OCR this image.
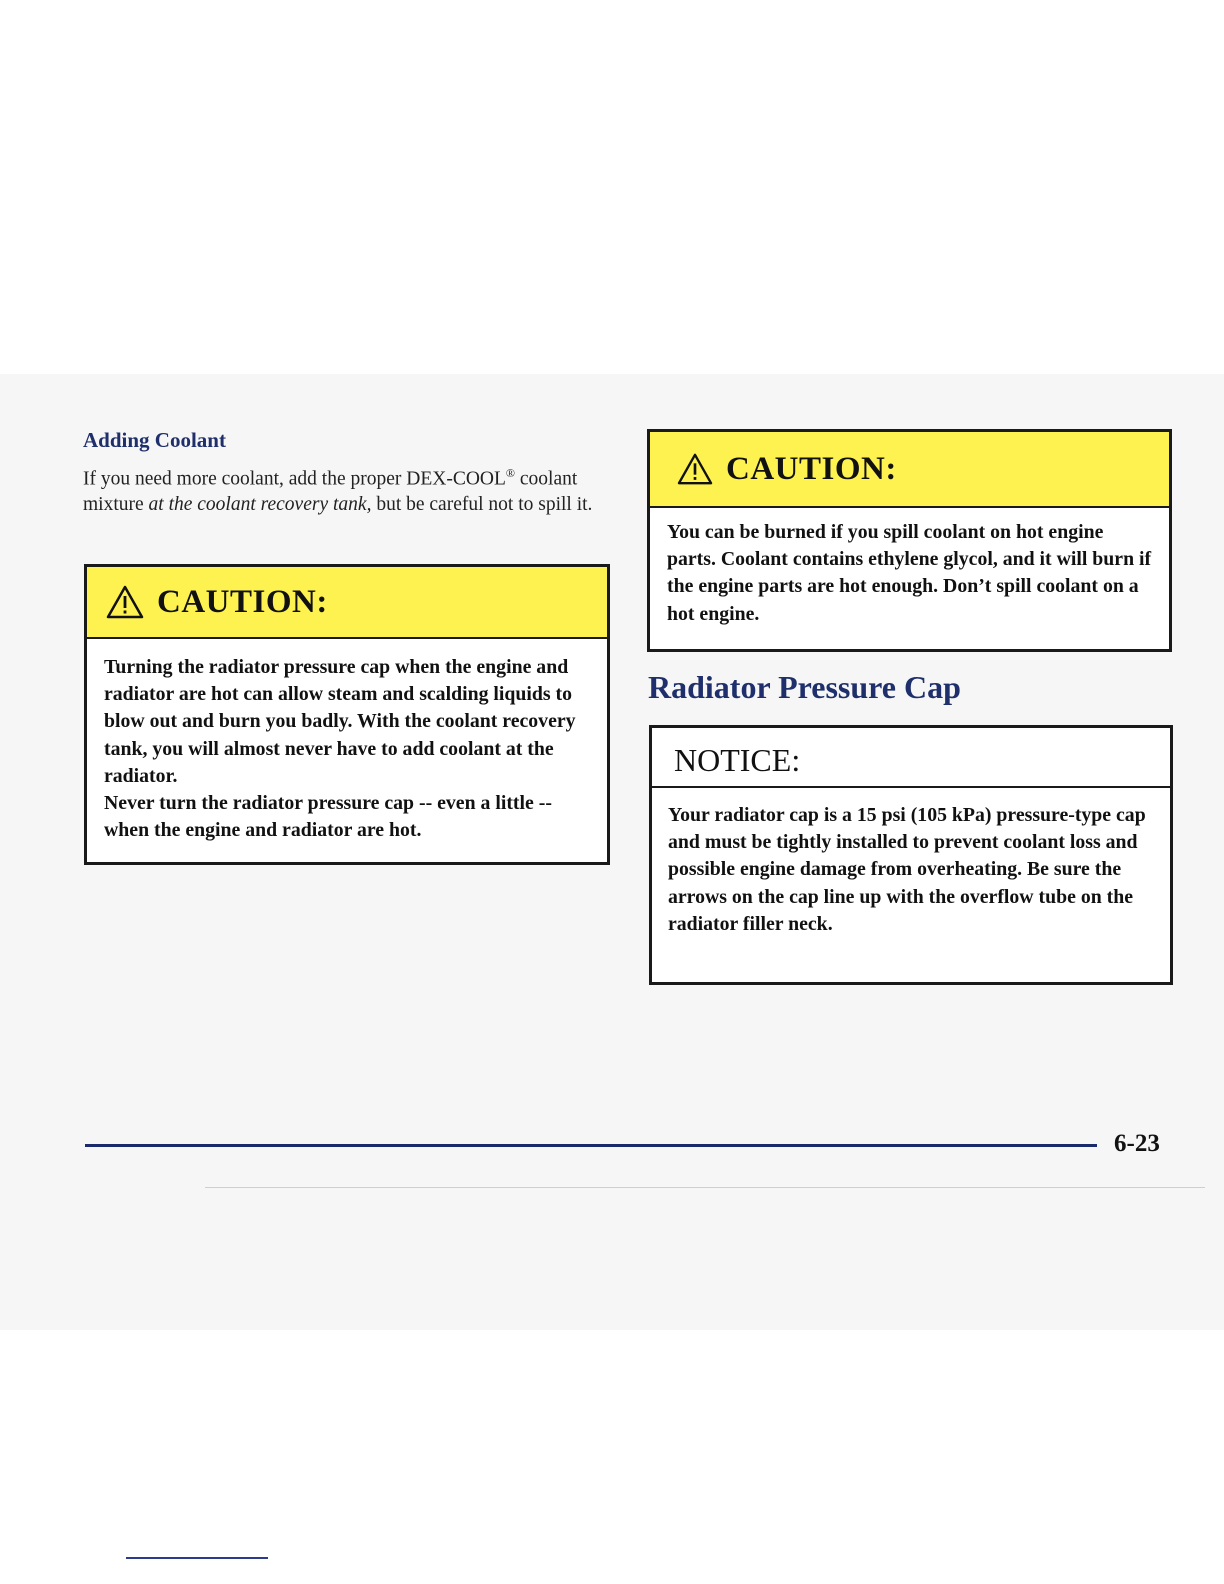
Adding Coolant
If you need more coolant, add the proper DEX-COOL® coolant mixture at the coolant recovery tank, but be careful not to spill it.
CAUTION:

Turning the radiator pressure cap when the engine and radiator are hot can allow steam and scalding liquids to blow out and burn you badly. With the coolant recovery tank, you will almost never have to add coolant at the radiator.

Never turn the radiator pressure cap -- even a little -- when the engine and radiator are hot.

CAUTION:

You can be burned if you spill coolant on hot engine parts. Coolant contains ethylene glycol, and it will burn if the engine parts are hot enough. Don’t spill coolant on a hot engine.

Radiator Pressure Cap
NOTICE:

Your radiator cap is a 15 psi (105 kPa) pressure-type cap and must be tightly installed to prevent coolant loss and possible engine damage from overheating. Be sure the arrows on the cap line up with the overflow tube on the radiator filler neck.

6-23
